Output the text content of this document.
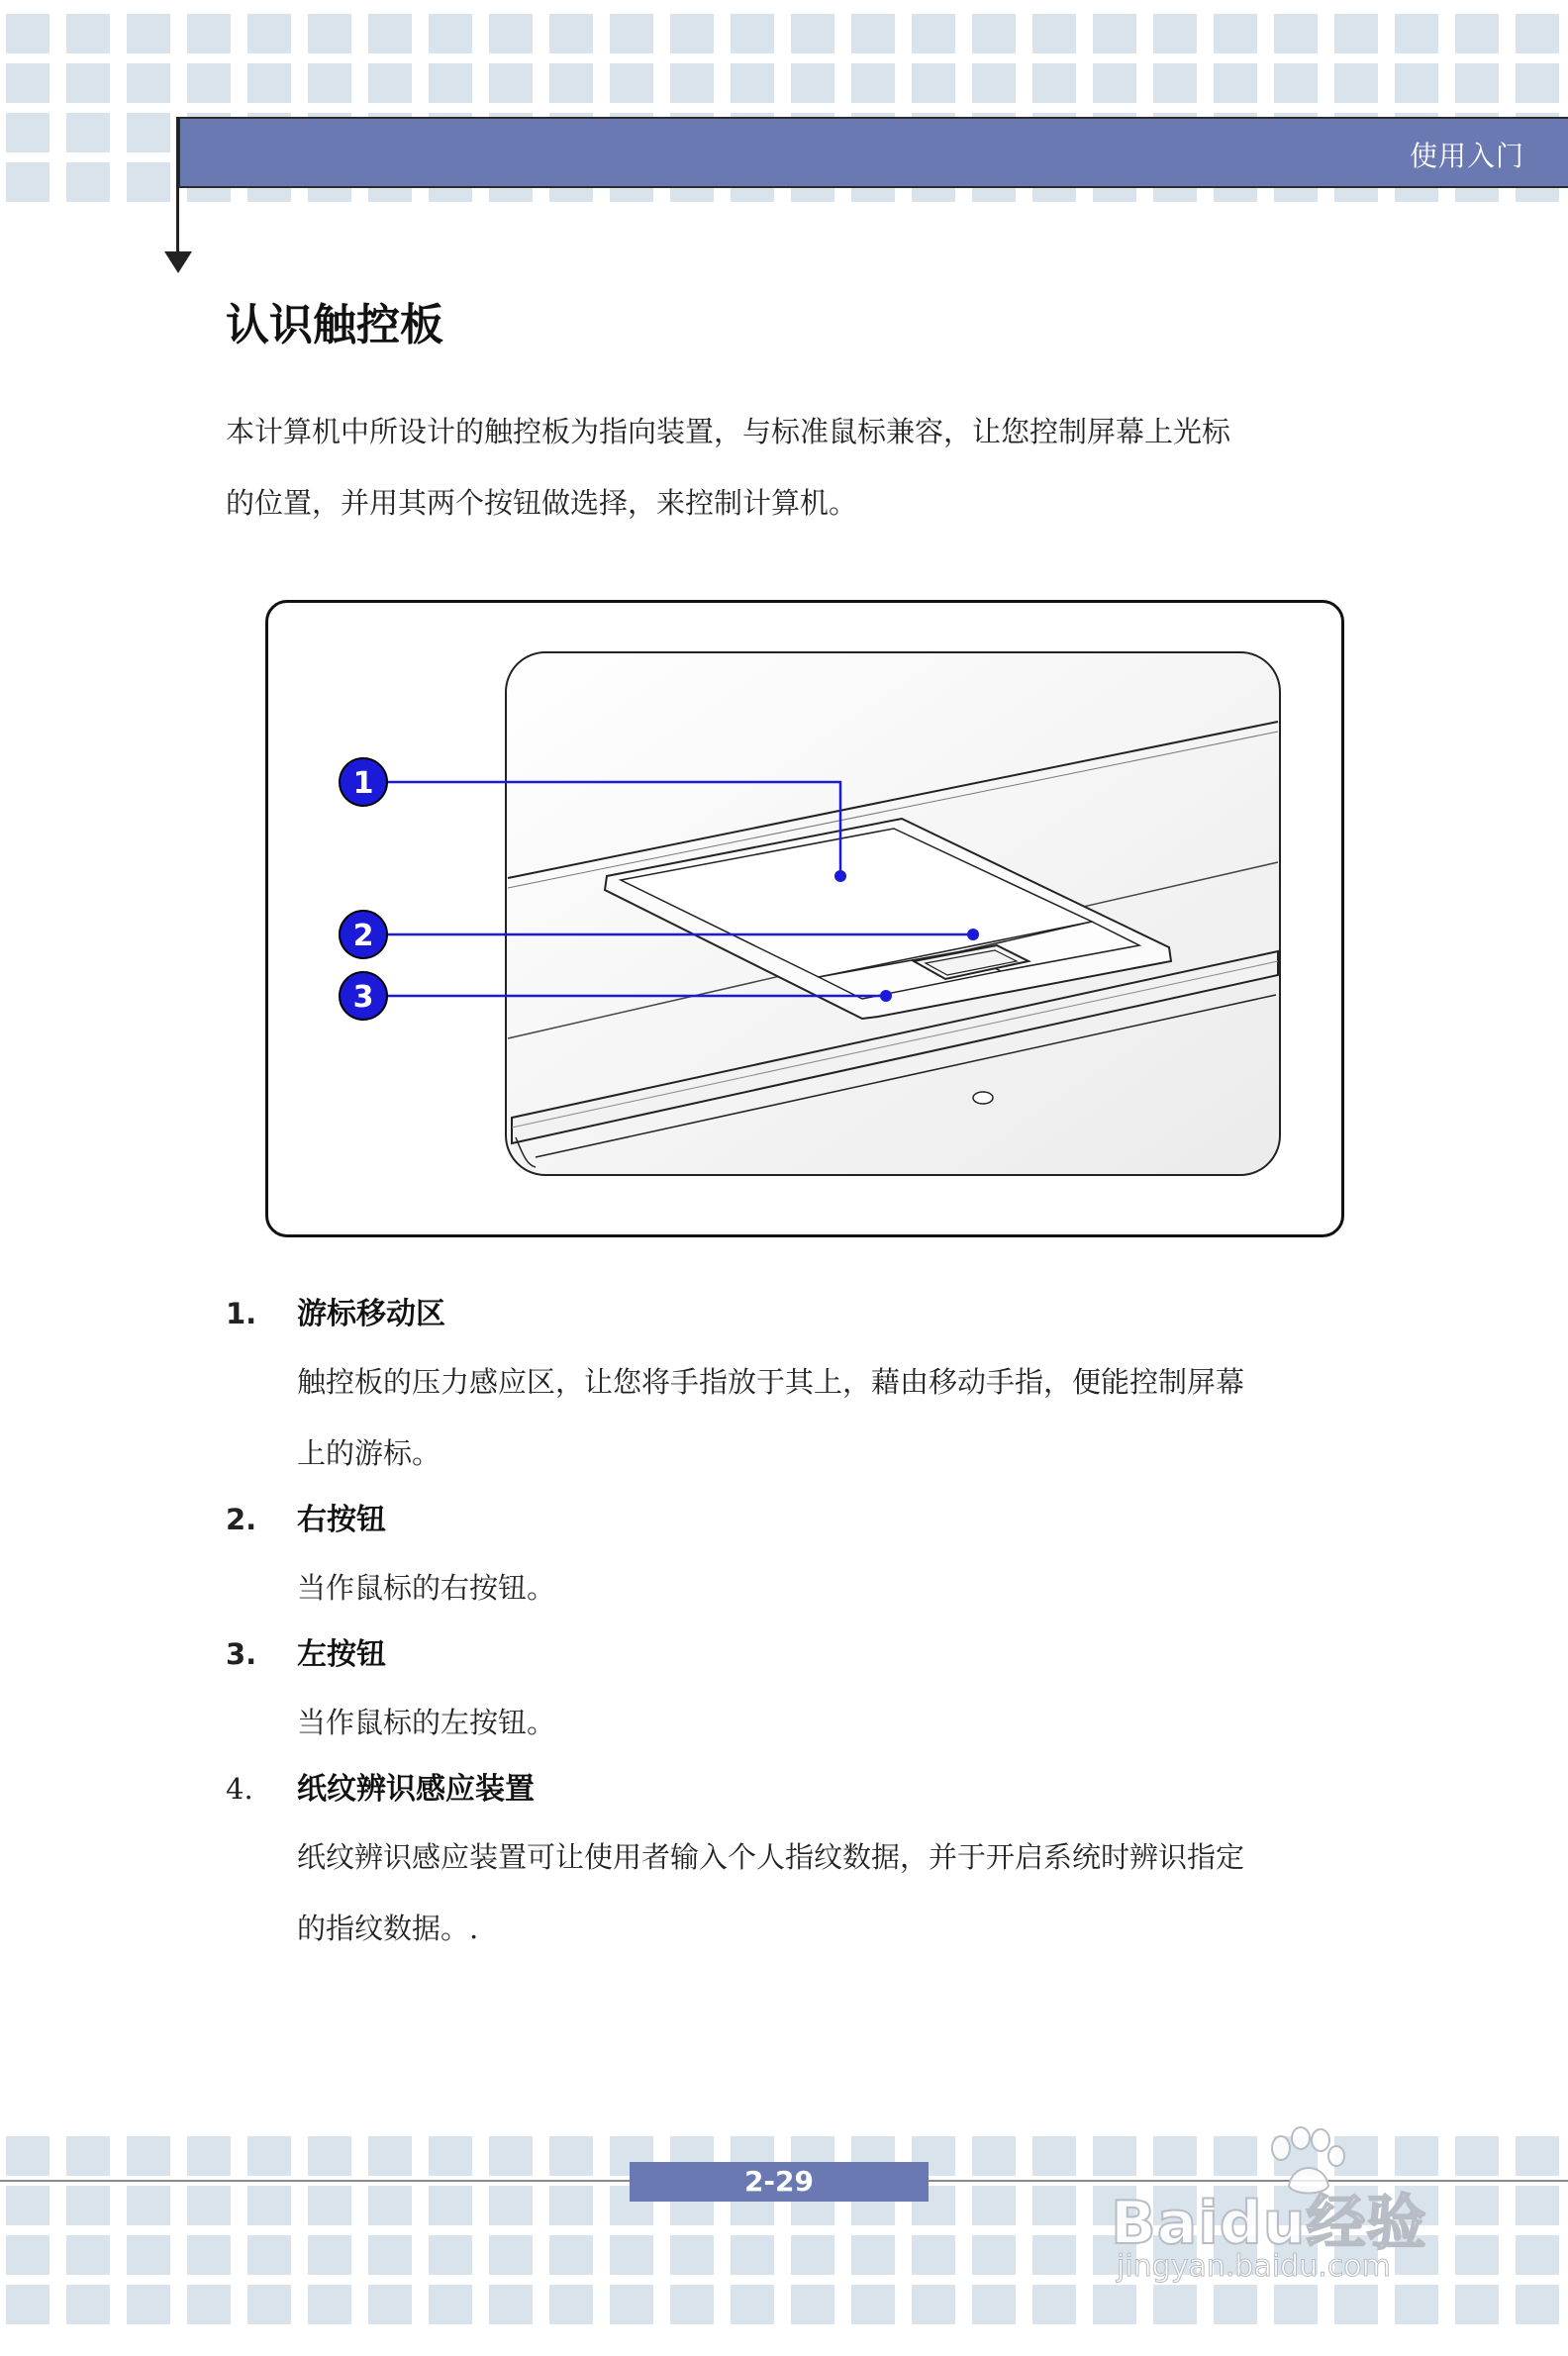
使用入门
认识触控板
本计算机中所设计的触控板为指向装置，与标准鼠标兼容，让您控制屏幕上光标
的位置，并用其两个按钮做选择，来控制计算机。
1
2
3
1.	游标移动区
触控板的压力感应区，让您将手指放于其上，藉由移动手指，便能控制屏幕
上的游标。
2.	右按钮
当作鼠标的右按钮。
3.	左按钮
当作鼠标的左按钮。
4.	纸纹辨识感应装置
纸纹辨识感应装置可让使用者输入个人指纹数据，并于开启系统时辨识指定
的指纹数据。.
2-29
Baidu经验
jingyan.baidu.com
